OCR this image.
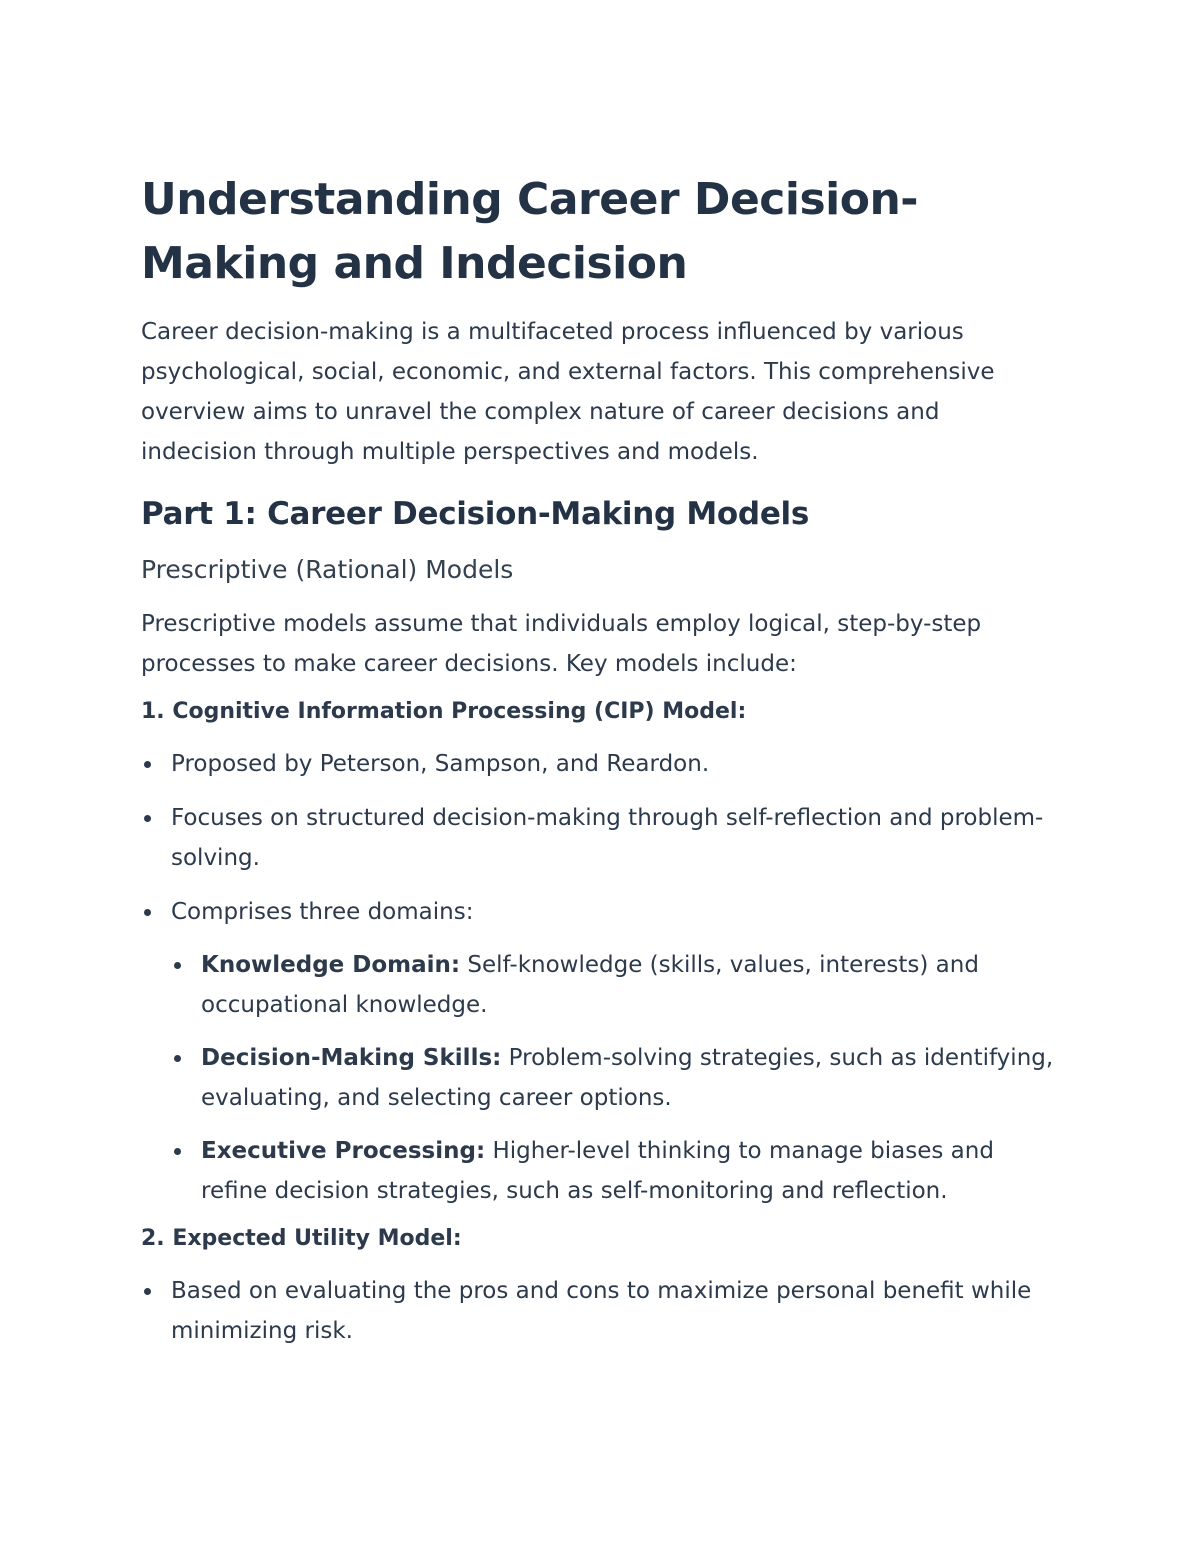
Understanding Career Decision-Making and Indecision

Career decision-making is a multifaceted process influenced by various psychological, social, economic, and external factors. This comprehensive overview aims to unravel the complex nature of career decisions and indecision through multiple perspectives and models.

Part 1: Career Decision-Making Models
Prescriptive (Rational) Models

Prescriptive models assume that individuals employ logical, step-by-step processes to make career decisions. Key models include:

1. Cognitive Information Processing (CIP) Model:
Proposed by Peterson, Sampson, and Reardon.
Focuses on structured decision-making through self-reflection and problem-solving.
Comprises three domains:
Knowledge Domain: Self-knowledge (skills, values, interests) and occupational knowledge.
Decision-Making Skills: Problem-solving strategies, such as identifying, evaluating, and selecting career options.
Executive Processing: Higher-level thinking to manage biases and refine decision strategies, such as self-monitoring and reflection.
2. Expected Utility Model:
Based on evaluating the pros and cons to maximize personal benefit while minimizing risk.
